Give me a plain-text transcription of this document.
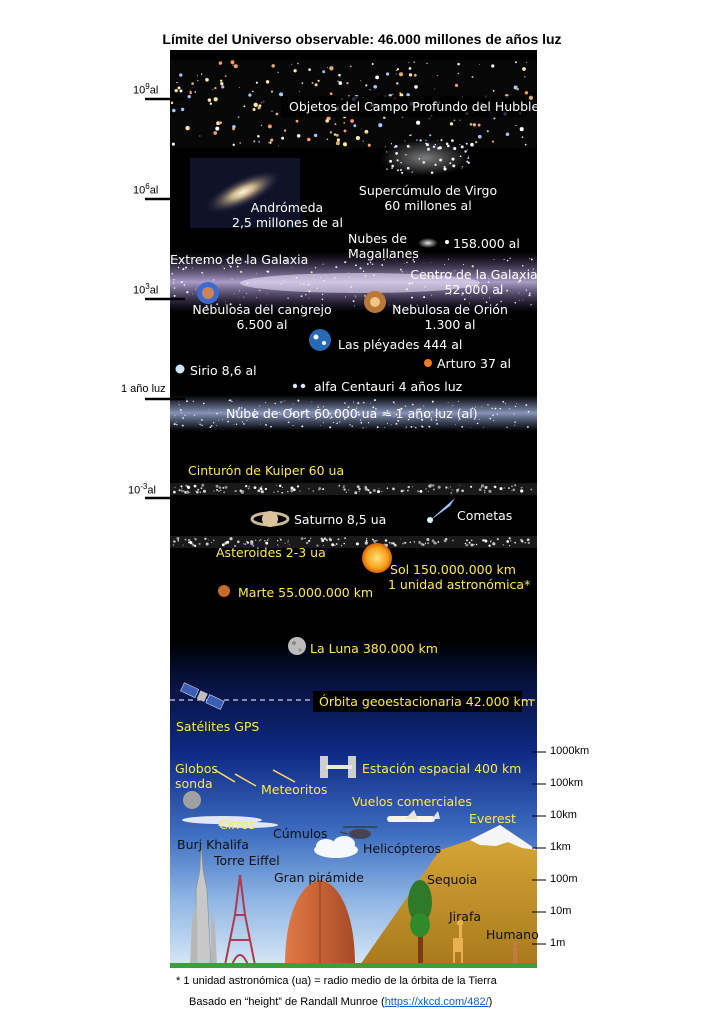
Límite del Universo observable: 46.000 millones de años luz
$10^9al$
$10^6al$
$10^3al$
1 año luz
$10^{-3}al$
1000km
100km
10km
1km
100m
10m
1m
Objetos del Campo Profundo del Hubble
Andrómeda
2,5 millones de al
Supercúmulo de Virgo
60 millones al
Nubes de
Magallanes
158.000 al
Extremo de la Galaxia
Centro de la Galaxia
52.000 al
Nebulosa del cangrejo
6.500 al
Nebulosa de Orión
1.300 al
Las pléyades 444 al
Arturo 37 al
Sirio 8,6 al
alfa Centauri 4 años luz
Nube de Oort 60.000 ua ≈ 1 año luz (al)
Cinturón de Kuiper 60 ua
Saturno 8,5 ua	Cometas
Asteroides 2-3 ua
Sol 150.000.000 km
1 unidad astronómica*
Marte 55.000.000 km
La Luna 380.000 km
Órbita geoestacionaria 42.000 km
Satélites GPS
Estación espacial 400 km
Globos
sonda	Meteoritos
Vuelos comerciales
Cirros	Everest
Cúmulos
Burj Khalifa	Helicópteros
Torre Eiffel
Gran pirámide	Sequoia
Jirafa
Humano
* 1 unidad astronómica (ua) = radio medio de la órbita de la Tierra
Basado en “height” de Randall Munroe (https://xkcd.com/482/)
